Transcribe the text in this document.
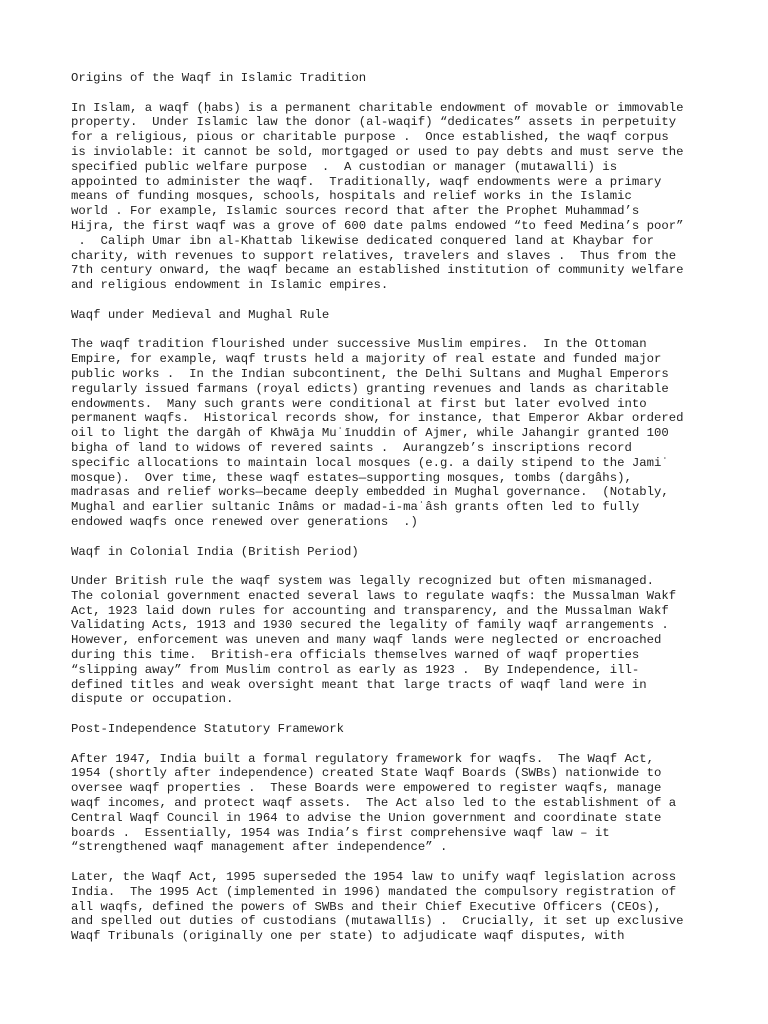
Origins of the Waqf in Islamic Tradition
In Islam, a waqf (ḥabs) is a permanent charitable endowment of movable or immovable
property.  Under Islamic law the donor (al-waqif) “dedicates” assets in perpetuity
for a religious, pious or charitable purpose .  Once established, the waqf corpus
is inviolable: it cannot be sold, mortgaged or used to pay debts and must serve the
specified public welfare purpose  .  A custodian or manager (mutawalli) is
appointed to administer the waqf.  Traditionally, waqf endowments were a primary
means of funding mosques, schools, hospitals and relief works in the Islamic
world . For example, Islamic sources record that after the Prophet Muhammad’s
Hijra, the first waqf was a grove of 600 date palms endowed “to feed Medina’s poor”
.  Caliph Umar ibn al-Khattab likewise dedicated conquered land at Khaybar for
charity, with revenues to support relatives, travelers and slaves .  Thus from the
7th century onward, the waqf became an established institution of community welfare
and religious endowment in Islamic empires.
Waqf under Medieval and Mughal Rule
The waqf tradition flourished under successive Muslim empires.  In the Ottoman
Empire, for example, waqf trusts held a majority of real estate and funded major
public works .  In the Indian subcontinent, the Delhi Sultans and Mughal Emperors
regularly issued farmans (royal edicts) granting revenues and lands as charitable
endowments.  Many such grants were conditional at first but later evolved into
permanent waqfs.  Historical records show, for instance, that Emperor Akbar ordered
oil to light the dargāh of Khwāja Muʿīnuddin of Ajmer, while Jahangir granted 100
bigha of land to widows of revered saints .  Aurangzeb’s inscriptions record
specific allocations to maintain local mosques (e.g. a daily stipend to the Jamiʿ
mosque).  Over time, these waqf estates—supporting mosques, tombs (dargâhs),
madrasas and relief works—became deeply embedded in Mughal governance.  (Notably,
Mughal and earlier sultanic Inâms or madad-i-maʿâsh grants often led to fully
endowed waqfs once renewed over generations  .)
Waqf in Colonial India (British Period)
Under British rule the waqf system was legally recognized but often mismanaged.
The colonial government enacted several laws to regulate waqfs: the Mussalman Wakf
Act, 1923 laid down rules for accounting and transparency, and the Mussalman Wakf
Validating Acts, 1913 and 1930 secured the legality of family waqf arrangements .
However, enforcement was uneven and many waqf lands were neglected or encroached
during this time.  British-era officials themselves warned of waqf properties
“slipping away” from Muslim control as early as 1923 .  By Independence, ill-
defined titles and weak oversight meant that large tracts of waqf land were in
dispute or occupation.
Post-Independence Statutory Framework
After 1947, India built a formal regulatory framework for waqfs.  The Waqf Act,
1954 (shortly after independence) created State Waqf Boards (SWBs) nationwide to
oversee waqf properties .  These Boards were empowered to register waqfs, manage
waqf incomes, and protect waqf assets.  The Act also led to the establishment of a
Central Waqf Council in 1964 to advise the Union government and coordinate state
boards .  Essentially, 1954 was India’s first comprehensive waqf law – it
“strengthened waqf management after independence” .
Later, the Waqf Act, 1995 superseded the 1954 law to unify waqf legislation across
India.  The 1995 Act (implemented in 1996) mandated the compulsory registration of
all waqfs, defined the powers of SWBs and their Chief Executive Officers (CEOs),
and spelled out duties of custodians (mutawallīs) .  Crucially, it set up exclusive
Waqf Tribunals (originally one per state) to adjudicate waqf disputes, with
